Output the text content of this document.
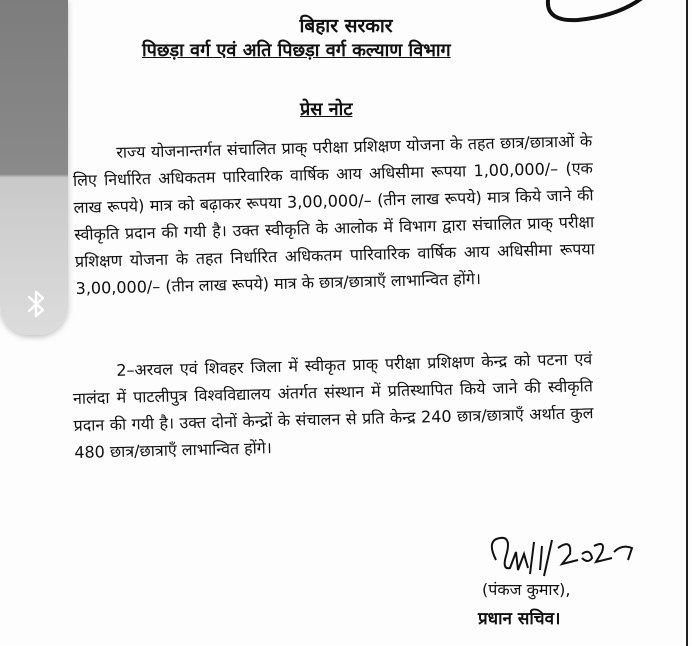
बिहार सरकार
पिछड़ा वर्ग एवं अति पिछड़ा वर्ग कल्याण विभाग
प्रेस नोट
राज्य योजनान्तर्गत संचालित प्राक् परीक्षा प्रशिक्षण योजना के तहत छात्र/छात्राओं के लिए निर्धारित अधिकतम पारिवारिक वार्षिक आय अधिसीमा रूपया 1,00,000/– (एक लाख रूपये) मात्र को बढ़ाकर रूपया 3,00,000/– (तीन लाख रूपये) मात्र किये जाने की स्वीकृति प्रदान की गयी है। उक्त स्वीकृति के आलोक में विभाग द्वारा संचालित प्राक् परीक्षा प्रशिक्षण योजना के तहत निर्धारित अधिकतम पारिवारिक वार्षिक आय अधिसीमा रूपया 3,00,000/– (तीन लाख रूपये) मात्र के छात्र/छात्राएँ लाभान्वित होंगे।
2–अरवल एवं शिवहर जिला में स्वीकृत प्राक् परीक्षा प्रशिक्षण केन्द्र को पटना एवं नालंदा में पाटलीपुत्र विश्वविद्यालय अंतर्गत संस्थान में प्रतिस्थापित किये जाने की स्वीकृति प्रदान की गयी है। उक्त दोनों केन्द्रों के संचालन से प्रति केन्द्र 240 छात्र/छात्राएँ अर्थात कुल 480 छात्र/छात्राएँ लाभान्वित होंगे।
(पंकज कुमार),
प्रधान सचिव।
